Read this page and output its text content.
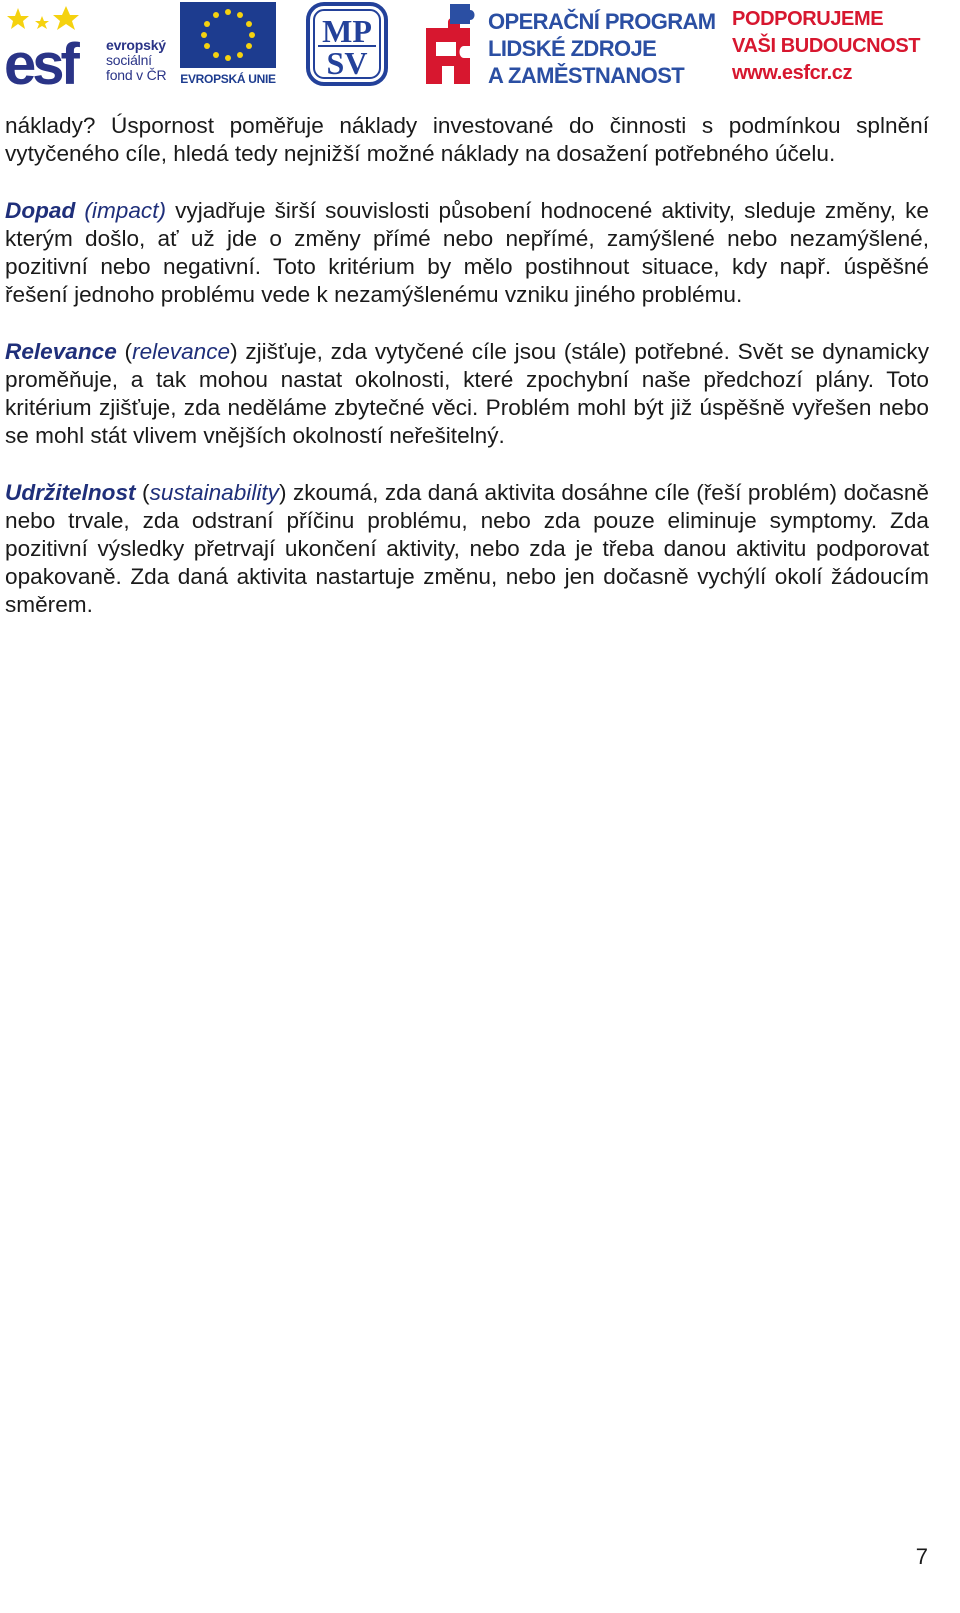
esf	evropský
sociální
fond v ČR EVROPSKÁ UNIE
MP
SV
OPERAČNÍ PROGRAM
LIDSKÉ ZDROJE
A ZAMĚSTNANOST
PODPORUJEME
VAŠI BUDOUCNOST
www.esfcr.cz

náklady? Úspornost poměřuje náklady investované do činnosti s podmínkou splnění vytyčeného cíle, hledá tedy nejnižší možné náklady na dosažení potřebného účelu.

Dopad (impact) vyjadřuje širší souvislosti působení hodnocené aktivity, sleduje změny, ke kterým došlo, ať už jde o změny přímé nebo nepřímé, zamýšlené nebo nezamýšlené, pozitivní nebo negativní. Toto kritérium by mělo postihnout situace, kdy např. úspěšné řešení jednoho problému vede k nezamýšlenému vzniku jiného problému.

Relevance (relevance) zjišťuje, zda vytyčené cíle jsou (stále) potřebné. Svět se dynamicky proměňuje, a tak mohou nastat okolnosti, které zpochybní naše předchozí plány. Toto kritérium zjišťuje, zda neděláme zbytečné věci. Problém mohl být již úspěšně vyřešen nebo se mohl stát vlivem vnějších okolností neřešitelný.

Udržitelnost (sustainability) zkoumá, zda daná aktivita dosáhne cíle (řeší problém) dočasně nebo trvale, zda odstraní příčinu problému, nebo zda pouze eliminuje symptomy. Zda pozitivní výsledky přetrvají ukončení aktivity, nebo zda je třeba danou aktivitu podporovat opakovaně. Zda daná aktivita nastartuje změnu, nebo jen dočasně vychýlí okolí žádoucím směrem.

7
